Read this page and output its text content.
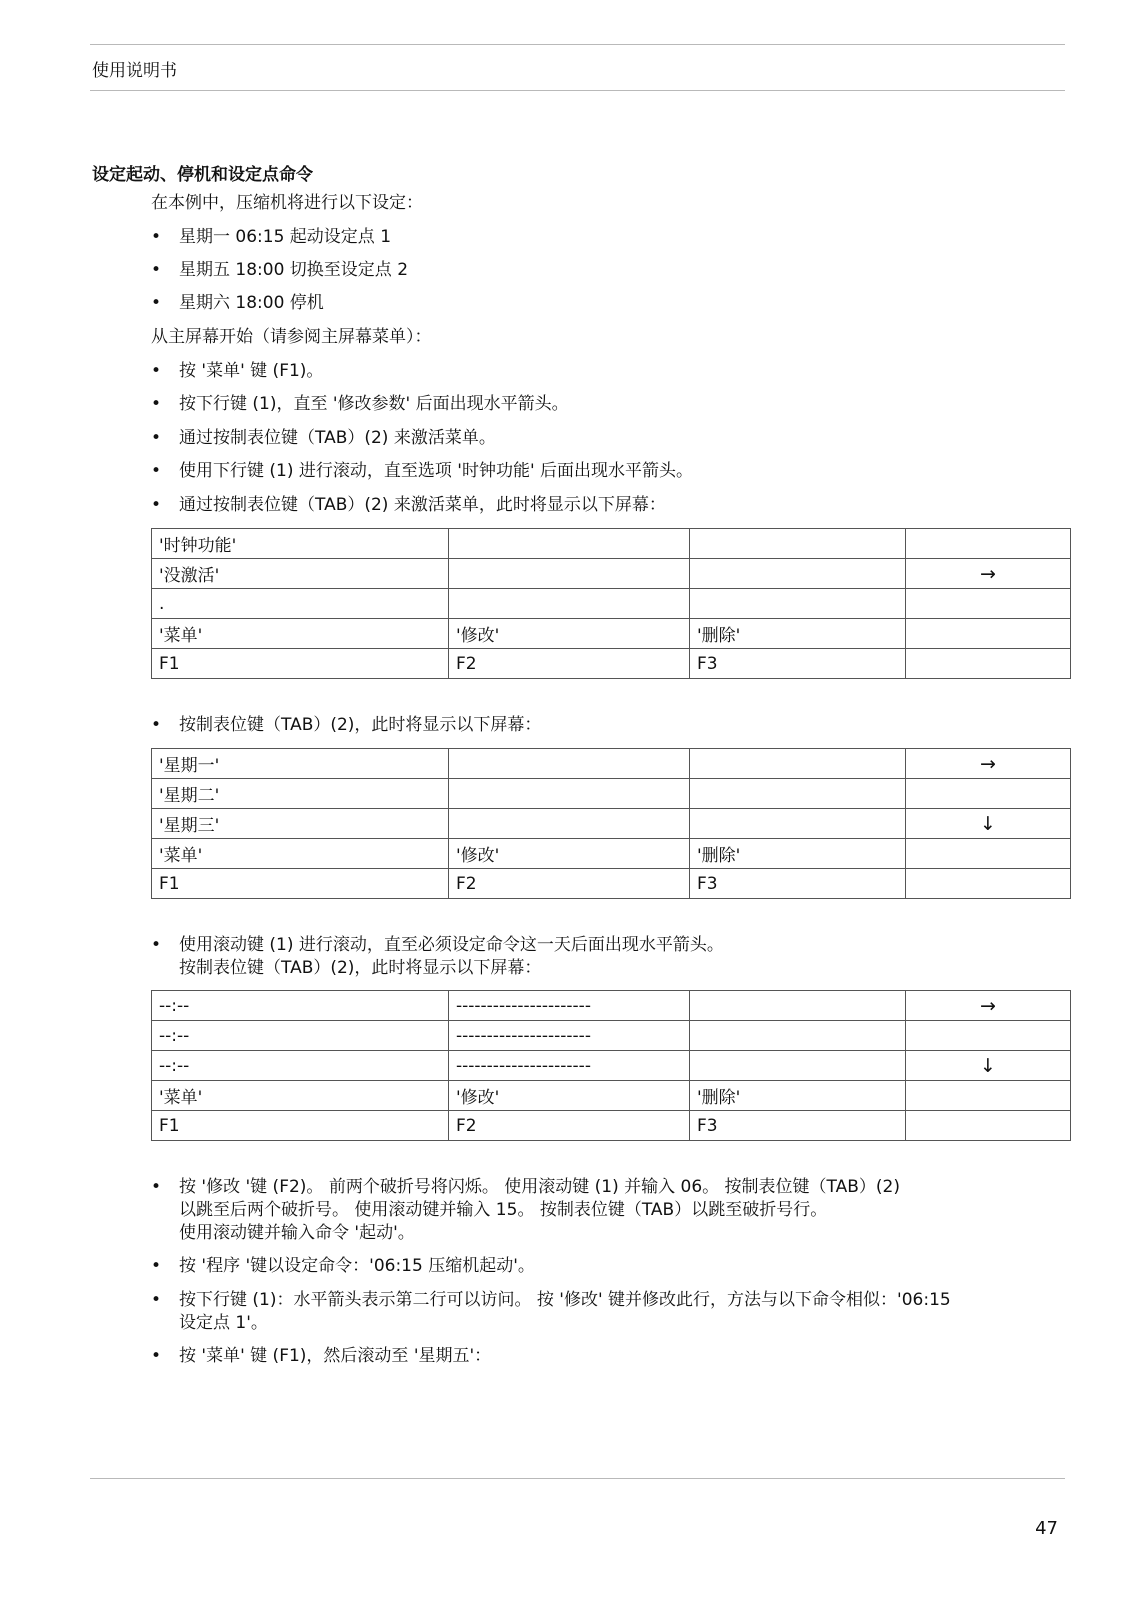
使用说明书
设定起动、停机和设定点命令
在本例中，压缩机将进行以下设定：
• 星期一 06:15 起动设定点 1
• 星期五 18:00 切换至设定点 2
• 星期六 18:00 停机
从主屏幕开始（请参阅主屏幕菜单）：
• 按 '菜单' 键 (F1)。
• 按下行键 (1)，直至 '修改参数' 后面出现水平箭头。
• 通过按制表位键（TAB）(2) 来激活菜单。
• 使用下行键 (1) 进行滚动，直至选项 '时钟功能' 后面出现水平箭头。
• 通过按制表位键（TAB）(2) 来激活菜单，此时将显示以下屏幕：
'时钟功能'			
'没激活'			→
.			
'菜单'	'修改'	'删除'	
F1	F2	F3	
• 按制表位键（TAB）(2)，此时将显示以下屏幕：
'星期一'			→
'星期二'			
'星期三'			↓
'菜单'	'修改'	'删除'	
F1	F2	F3	
• 使用滚动键 (1) 进行滚动，直至必须设定命令这一天后面出现水平箭头。
按制表位键（TAB）(2)，此时将显示以下屏幕：
--:--	----------------------		→
--:--	----------------------		
--:--	----------------------		↓
'菜单'	'修改'	'删除'	
F1	F2	F3	
• 按 '修改 '键 (F2)。 前两个破折号将闪烁。 使用滚动键 (1) 并输入 06。 按制表位键（TAB）(2)
以跳至后两个破折号。 使用滚动键并输入 15。 按制表位键（TAB）以跳至破折号行。
使用滚动键并输入命令 '起动'。
• 按 '程序 '键以设定命令：'06:15 压缩机起动'。
• 按下行键 (1)：水平箭头表示第二行可以访问。 按 '修改' 键并修改此行，方法与以下命令相似：'06:15
设定点 1'。
• 按 '菜单' 键 (F1)，然后滚动至 '星期五'：
47
